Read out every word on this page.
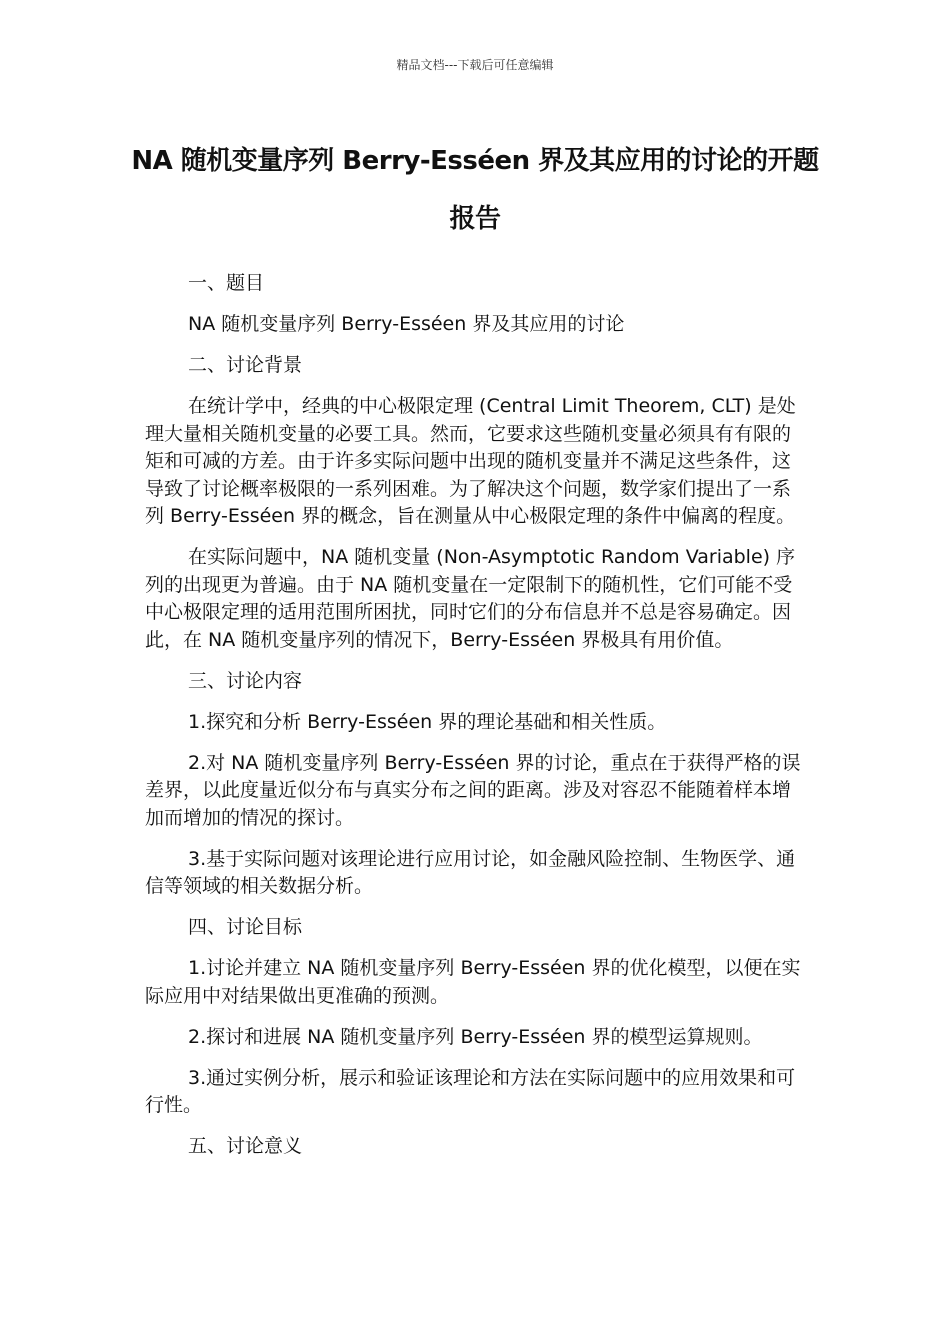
精品文档---下载后可任意编辑
NA 随机变量序列 Berry-Esséen 界及其应用的讨论的开题报告

一、题目

NA 随机变量序列 Berry-Esséen 界及其应用的讨论

二、讨论背景

在统计学中，经典的中心极限定理 (Central Limit Theorem, CLT) 是处理大量相关随机变量的必要工具。然而，它要求这些随机变量必须具有有限的矩和可减的方差。由于许多实际问题中出现的随机变量并不满足这些条件，这导致了讨论概率极限的一系列困难。为了解决这个问题，数学家们提出了一系列 Berry-Esséen 界的概念，旨在测量从中心极限定理的条件中偏离的程度。

在实际问题中，NA 随机变量 (Non-Asymptotic Random Variable) 序列的出现更为普遍。由于 NA 随机变量在一定限制下的随机性，它们可能不受中心极限定理的适用范围所困扰，同时它们的分布信息并不总是容易确定。因此，在 NA 随机变量序列的情况下，Berry-Esséen 界极具有用价值。

三、讨论内容

1.探究和分析 Berry-Esséen 界的理论基础和相关性质。

2.对 NA 随机变量序列 Berry-Esséen 界的讨论，重点在于获得严格的误差界，以此度量近似分布与真实分布之间的距离。涉及对容忍不能随着样本增加而增加的情况的探讨。

3.基于实际问题对该理论进行应用讨论，如金融风险控制、生物医学、通信等领域的相关数据分析。

四、讨论目标

1.讨论并建立 NA 随机变量序列 Berry-Esséen 界的优化模型，以便在实际应用中对结果做出更准确的预测。

2.探讨和进展 NA 随机变量序列 Berry-Esséen 界的模型运算规则。

3.通过实例分析，展示和验证该理论和方法在实际问题中的应用效果和可行性。

五、讨论意义
